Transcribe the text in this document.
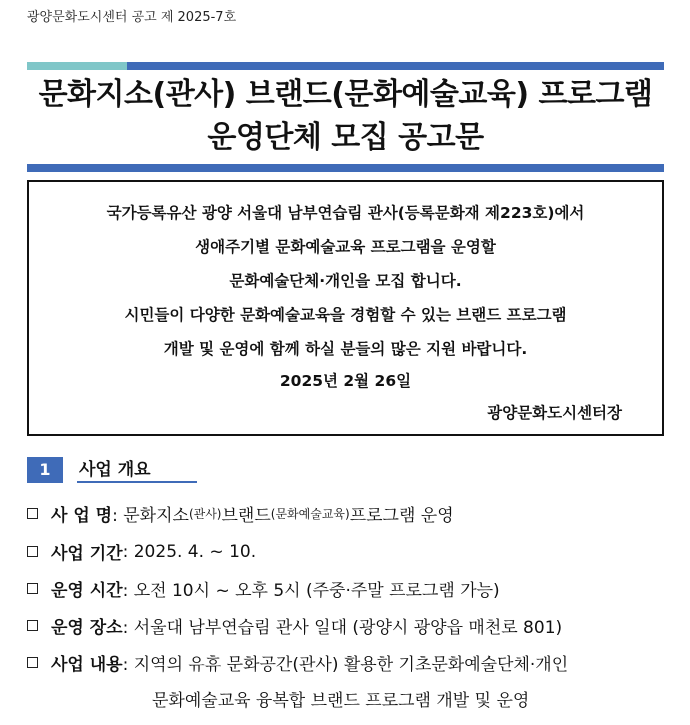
광양문화도시센터 공고 제 2025-7호
문화지소(관사) 브랜드(문화예술교육) 프로그램
운영단체 모집 공고문
국가등록유산 광양 서울대 남부연습림 관사(등록문화재 제223호)에서
생애주기별 문화예술교육 프로그램을 운영할
문화예술단체·개인을 모집 합니다.
시민들이 다양한 문화예술교육을 경험할 수 있는 브랜드 프로그램
개발 및 운영에 함께 하실 분들의 많은 지원 바랍니다.
2025년 2월 26일
광양문화도시센터장
1	사업 개요
사 업 명 : 문화지소 (관사) 브랜드 (문화예술교육) 프로그램 운영
사업 기간 : 2025. 4. ~ 10.
운영 시간 : 오전 10시 ~ 오후 5시 (주중·주말 프로그램 가능)
운영 장소 : 서울대 남부연습림 관사 일대 (광양시 광양읍 매천로 801)
사업 내용 : 지역의 유휴 문화공간(관사) 활용한 기초문화예술단체·개인
문화예술교육 융복합 브랜드 프로그램 개발 및 운영
